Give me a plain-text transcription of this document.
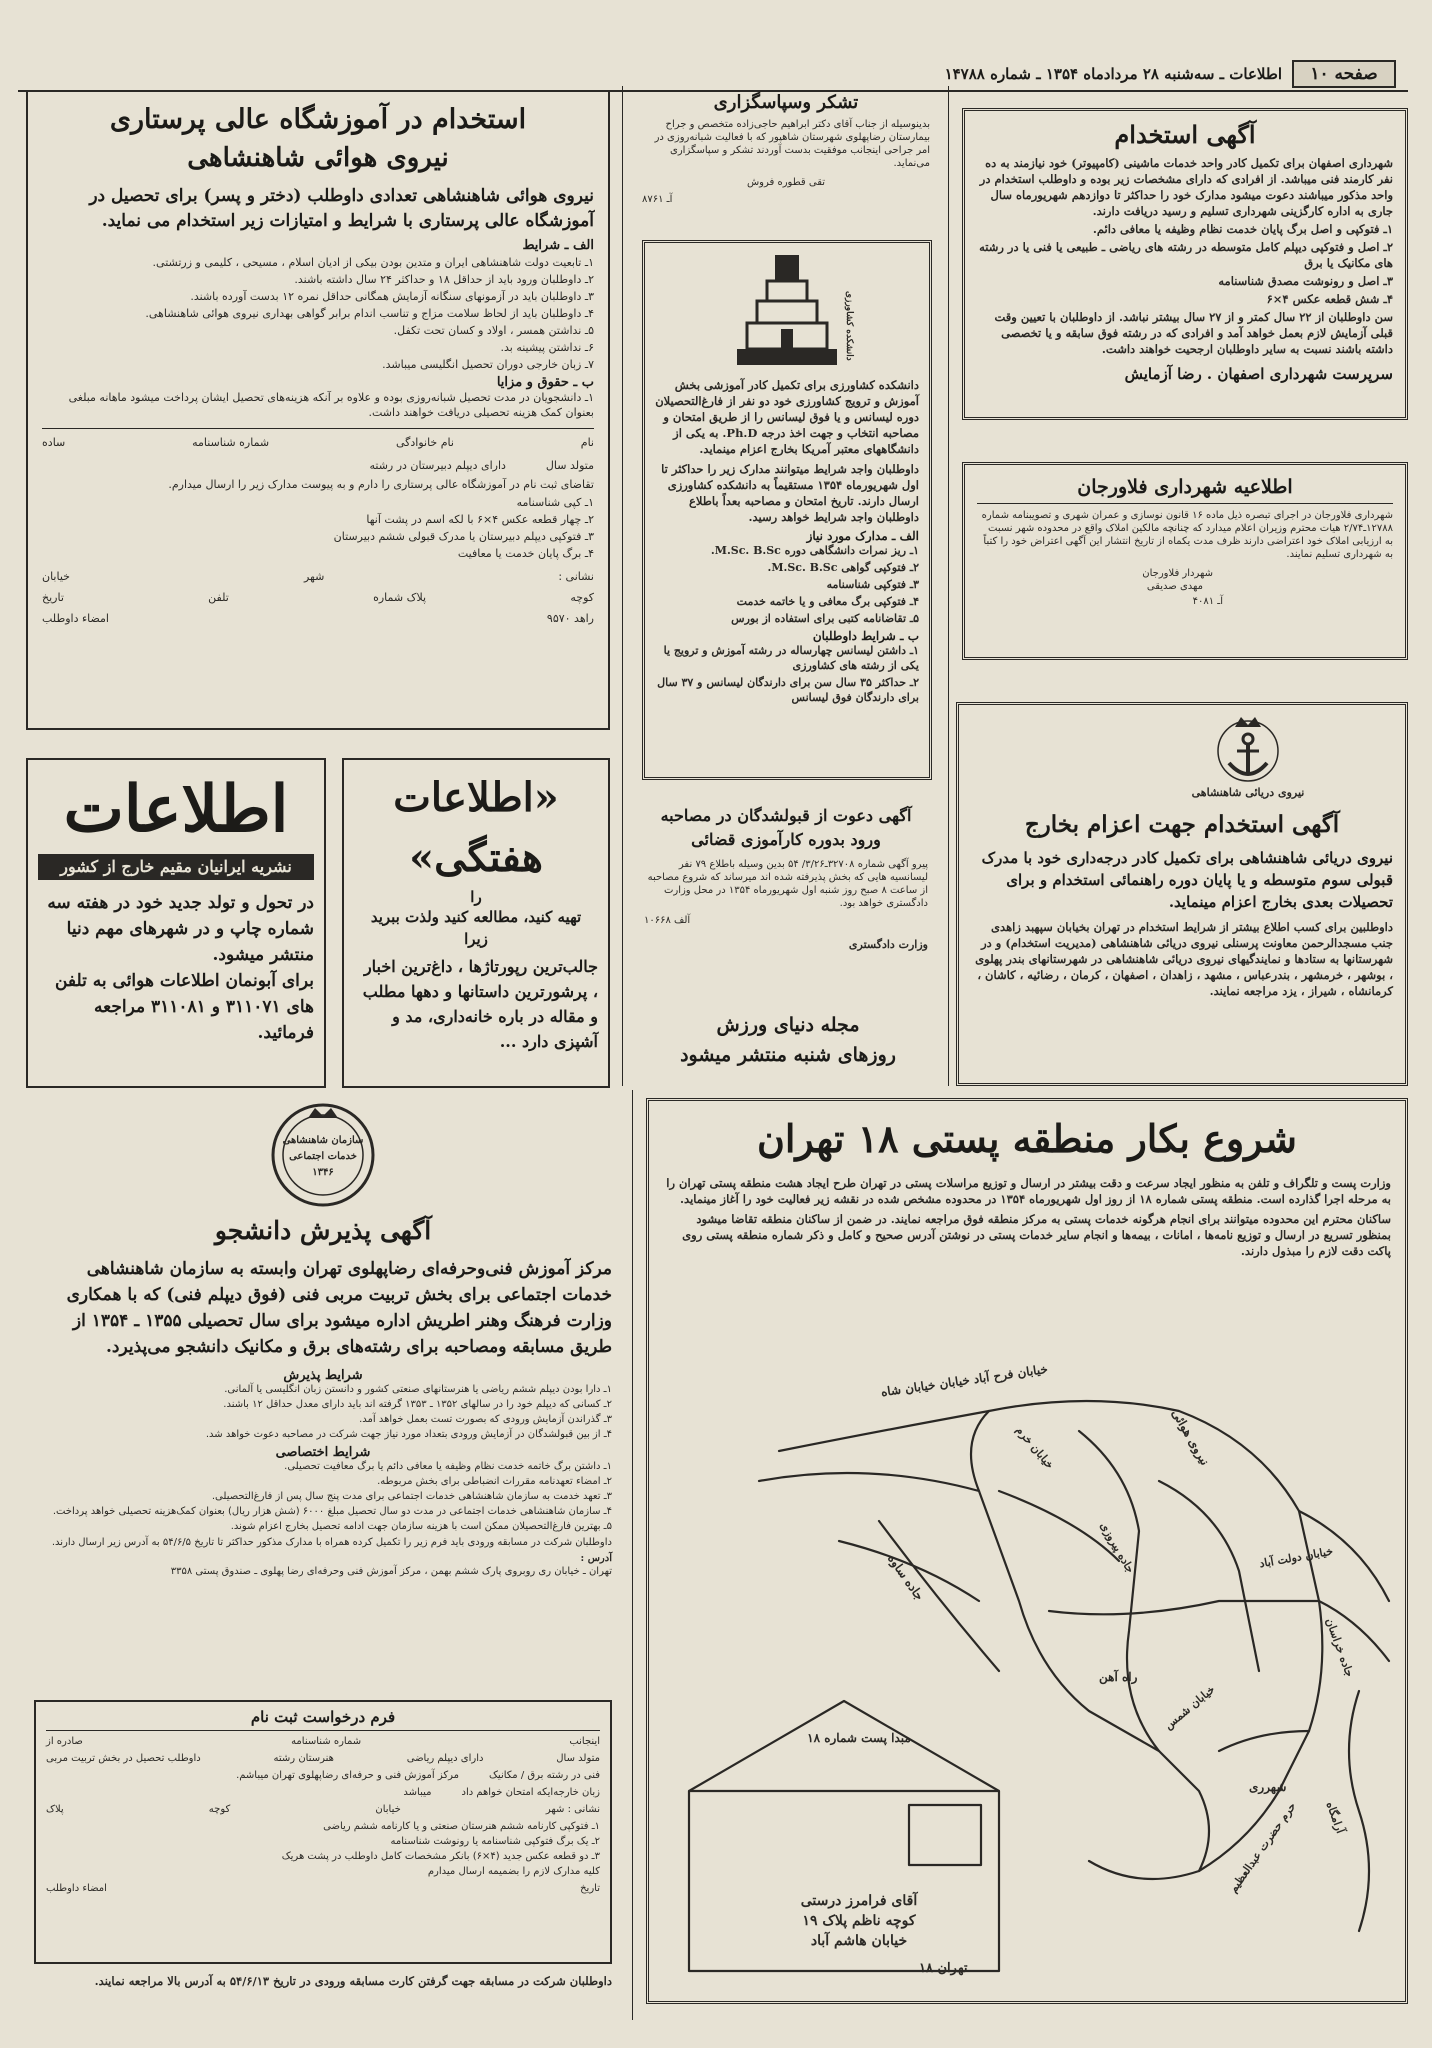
صفحه ۱۰
اطلاعات ـ سه‌شنبه ۲۸ مردادماه ۱۳۵۴ ـ شماره ۱۴۷۸۸
استخدام در آموزشگاه عالی پرستاری
نیروی هوائی شاهنشاهی
نیروی هوائی شاهنشاهی تعدادی داوطلب (دختر و پسر) برای تحصیل در آموزشگاه عالی پرستاری با شرایط و امتیازات زیر استخدام می نماید.
الف ـ شرایط
۱ـ تابعیت دولت شاهنشاهی ایران و متدین بودن بیکی از ادیان اسلام ، مسیحی ، کلیمی و زرتشتی.
۲ـ داوطلبان ورود باید از حداقل ۱۸ و حداکثر ۲۴ سال داشته باشند.
۳ـ داوطلبان باید در آزمونهای سنگانه آزمایش همگانی حداقل نمره ۱۲ بدست آورده باشند.
۴ـ داوطلبان باید از لحاظ سلامت مزاج و تناسب اندام برابر گواهی بهداری نیروی هوائی شاهنشاهی.
۵ـ نداشتن همسر ، اولاد و کسان تحت تکفل.
۶ـ نداشتن پیشینه بد.
۷ـ زبان خارجی دوران تحصیل انگلیسی میباشد.
ب ـ حقوق و مزایا
۱ـ دانشجویان در مدت تحصیل شبانه‌روزی بوده و علاوه بر آنکه هزینه‌های تحصیل ایشان پرداخت میشود ماهانه مبلغی بعنوان کمک هزینه تحصیلی دریافت خواهند داشت.
نام
نام خانوادگی
شماره شناسنامه
ساده
متولد سال
دارای دیپلم دبیرستان در رشته
تقاضای ثبت نام در آموزشگاه عالی پرستاری را دارم و به پیوست مدارک زیر را ارسال میدارم.
۱ـ کپی شناسنامه
۲ـ چهار قطعه عکس ۴×۶ با لکه اسم در پشت آنها
۳ـ فتوکپی دیپلم دبیرستان یا مدرک قبولی ششم دبیرستان
۴ـ برگ پایان خدمت یا معافیت
نشانی :
شهر
خیابان
کوچه
پلاک شماره
تلفن
تاریخ
راهد ۹۵۷۰
امضاء داوطلب
تشکر وسپاسگزاری
بدینوسیله از جناب آقای دکتر ابراهیم حاجی‌زاده متخصص و جراح بیمارستان رضاپهلوی شهرستان شاهپور که با فعالیت شبانه‌روزی در امر جراحی اینجانب موفقیت بدست آوردند تشکر و سپاسگزاری می‌نماید.
تقی قطوره فروش
آـ ۸۷۶۱
دانشکده کشاورزی
دانشکده کشاورزی برای تکمیل کادر آموزشی بخش آموزش و ترویج کشاورزی خود دو نفر از فارغ‌التحصیلان دوره لیسانس و یا فوق لیسانس را از طریق امتحان و مصاحبه انتخاب و جهت اخذ درجه Ph.D. به یکی از دانشگاههای معتبر آمریکا بخارج اعزام مینماید.
داوطلبان واجد شرایط میتوانند مدارک زیر را حداکثر تا اول شهریورماه ۱۳۵۴ مستقیماً به دانشکده کشاورزی ارسال دارند. تاریخ امتحان و مصاحبه بعداً باطلاع داوطلبان واجد شرایط خواهد رسید.
الف ـ مدارک مورد نیاز
۱ـ ریز نمرات دانشگاهی دوره M.Sc. B.Sc.
۲ـ فتوکپی گواهی M.Sc. B.Sc.
۳ـ فتوکپی شناسنامه
۴ـ فتوکپی برگ معافی و یا خاتمه خدمت
۵ـ تقاضانامه کتبی برای استفاده از بورس
ب ـ شرایط داوطلبان
۱ـ داشتن لیسانس چهارساله در رشته آموزش و ترویج یا یکی از رشته های کشاورزی
۲ـ حداکثر ۳۵ سال سن برای دارندگان لیسانس و ۳۷ سال برای دارندگان فوق لیسانس
آگهی دعوت از قبولشدگان در مصاحبه ورود بدوره کارآموزی قضائی
پیرو آگهی شماره ۳۲۷۰۸ـ۳/۲۶/ ۵۴ بدین وسیله باطلاع ۷۹ نفر لیسانسیه هایی که بخش پذیرفته شده اند میرساند که شروع مصاحبه از ساعت ۸ صبح روز شنبه اول شهریورماه ۱۳۵۴ در محل وزارت دادگستری خواهد بود.
آلف ۱۰۶۶۸
وزارت دادگستری
مجله دنیای ورزش
روزهای شنبه منتشر میشود
آگهی استخدام
شهرداری اصفهان برای تکمیل کادر واحد خدمات ماشینی (کامپیوتر) خود نیازمند به ده نفر کارمند فنی میباشد. از افرادی که دارای مشخصات زیر بوده و داوطلب استخدام در واحد مذکور میباشند دعوت میشود مدارک خود را حداکثر تا دوازدهم شهریورماه سال جاری به اداره کارگزینی شهرداری تسلیم و رسید دریافت دارند.
۱ـ فتوکپی و اصل برگ پایان خدمت نظام وظیفه یا معافی دائم.
۲ـ اصل و فتوکپی دیپلم کامل متوسطه در رشته های ریاضی ـ طبیعی یا فنی یا در رشته های مکانیک یا برق
۳ـ اصل و رونوشت مصدق شناسنامه
۴ـ شش قطعه عکس ۴×۶
سن داوطلبان از ۲۲ سال کمتر و از ۲۷ سال بیشتر نباشد. از داوطلبان با تعیین وقت قبلی آزمایش لازم بعمل خواهد آمد و افرادی که در رشته فوق سابقه و یا تخصصی داشته باشند نسبت به سایر داوطلبان ارجحیت خواهند داشت.
سرپرست شهرداری اصفهان . رضا آزمایش
اطلاعیه شهرداری فلاورجان
شهرداری فلاورجان در اجرای تبصره ذیل ماده ۱۶ قانون نوسازی و عمران شهری و تصویبنامه شماره ۱۲۷۸۸ـ۲/۷۴ هیات محترم وزیران اعلام میدارد که چنانچه مالکین املاک واقع در محدوده شهر نسبت به ارزیابی املاک خود اعتراضی دارند ظرف مدت یکماه از تاریخ انتشار این آگهی اعتراض خود را کتباً به شهرداری تسلیم نمایند.
شهردار فلاورجان
مهدی صدیقی
آـ ۴۰۸۱
نیروی دریائی شاهنشاهی
آگهی استخدام جهت اعزام بخارج
نیروی دریائی شاهنشاهی برای تکمیل کادر درجه‌داری خود با مدرک قبولی سوم متوسطه و یا پایان دوره راهنمائی استخدام و برای تحصیلات بعدی بخارج اعزام مینماید.
داوطلبین برای کسب اطلاع بیشتر از شرایط استخدام در تهران بخیابان سپهبد زاهدی جنب مسجدالرحمن معاونت پرسنلی نیروی دریائی شاهنشاهی (مدیریت استخدام) و در شهرستانها به ستادها و نمایندگیهای نیروی دریائی شاهنشاهی در شهرستانهای بندر پهلوی ، بوشهر ، خرمشهر ، بندرعباس ، مشهد ، زاهدان ، اصفهان ، کرمان ، رضائیه ، کاشان ، کرمانشاه ، شیراز ، یزد مراجعه نمایند.
اطلاعات
نشریه ایرانیان مقیم خارج از کشور
در تحول و تولد جدید خود در هفته سه شماره چاپ و در شهرهای مهم دنیا منتشر میشود.
برای آبونمان اطلاعات هوائی به تلفن های ۳۱۱۰۷۱ و ۳۱۱۰۸۱ مراجعه فرمائید.
«اطلاعات هفتگی»
را
تهیه کنید، مطالعه کنید ولذت ببرید
زیرا
جالب‌ترین رپورتاژها ، داغ‌ترین اخبار ، پرشورترین داستانها و دهها مطلب و مقاله در باره خانه‌داری، مد و آشپزی دارد ...
سازمان شاهنشاهی
خدمات اجتماعی
۱۳۴۶
آگهی پذیرش دانشجو
مرکز آموزش فنی‌وحرفه‌ای رضاپهلوی تهران وابسته به سازمان شاهنشاهی خدمات اجتماعی برای بخش تربیت مربی فنی (فوق دیپلم فنی) که با همکاری وزارت فرهنگ وهنر اطریش اداره میشود برای سال تحصیلی ۱۳۵۵ ـ ۱۳۵۴ از طریق مسابقه ومصاحبه برای رشته‌های برق و مکانیک دانشجو می‌پذیرد.
شرایط پذیرش
۱ـ دارا بودن دیپلم ششم ریاضی یا هنرستانهای صنعتی کشور و دانستن زبان انگلیسی یا آلمانی.
۲ـ کسانی که دیپلم خود را در سالهای ۱۳۵۲ ـ ۱۳۵۳ گرفته اند باید دارای معدل حداقل ۱۲ باشند.
۳ـ گذراندن آزمایش ورودی که بصورت تست بعمل خواهد آمد.
۴ـ از بین قبولشدگان در آزمایش ورودی بتعداد مورد نیاز جهت شرکت در مصاحبه دعوت خواهد شد.
شرایط اختصاصی
۱ـ داشتن برگ خاتمه خدمت نظام وظیفه یا معافی دائم یا برگ معافیت تحصیلی.
۲ـ امضاء تعهدنامه مقررات انضباطی برای بخش مربوطه.
۳ـ تعهد خدمت به سازمان شاهنشاهی خدمات اجتماعی برای مدت پنج سال پس از فارغ‌التحصیلی.
۴ـ سازمان شاهنشاهی خدمات اجتماعی در مدت دو سال تحصیل مبلغ ۶۰۰۰ (شش هزار ریال) بعنوان کمک‌هزینه تحصیلی خواهد پرداخت.
۵ـ بهترین فارغ‌التحصیلان ممکن است با هزینه سازمان جهت ادامه تحصیل بخارج اعزام شوند.
داوطلبان شرکت در مسابقه ورودی باید فرم زیر را تکمیل کرده همراه با مدارک مذکور حداکثر تا تاریخ ۵۴/۶/۵ به آدرس زیر ارسال دارند.
آدرس :
تهران ـ خیابان ری روبروی پارک ششم بهمن ، مرکز آموزش فنی وحرفه‌ای رضا پهلوی ـ صندوق پستی ۳۳۵۸
فرم درخواست ثبت نام
اینجانب
شماره شناسنامه
صادره از
متولد سال
دارای دیپلم ریاضی
هنرستان رشته
داوطلب تحصیل در بخش تربیت مربی
فنی در رشته برق / مکانیک
مرکز آموزش فنی و حرفه‌ای رضاپهلوی تهران میباشم.
زبان خارجه‌ایکه امتحان خواهم داد
میباشد
نشانی : شهر
خیابان
کوچه
پلاک
۱ـ فتوکپی کارنامه ششم هنرستان صنعتی و یا کارنامه ششم ریاضی
۲ـ یک برگ فتوکپی شناسنامه یا رونوشت شناسنامه
۳ـ دو قطعه عکس جدید (۴×۶) بانکر مشخصات کامل داوطلب در پشت هریک
کلیه مدارک لازم را بضمیمه ارسال میدارم
تاریخ
امضاء داوطلب
داوطلبان شرکت در مسابقه جهت گرفتن کارت مسابقه ورودی در تاریخ ۵۴/۶/۱۳ به آدرس بالا مراجعه نمایند.
شروع بکار منطقه پستی ۱۸ تهران
وزارت پست و تلگراف و تلفن به منظور ایجاد سرعت و دقت بیشتر در ارسال و توزیع مراسلات پستی در تهران طرح ایجاد هشت منطقه پستی تهران را به مرحله اجرا گذارده است. منطقه پستی شماره ۱۸ از روز اول شهریورماه ۱۳۵۴ در محدوده مشخص شده در نقشه زیر فعالیت خود را آغاز مینماید.
ساکنان محترم این محدوده میتوانند برای انجام هرگونه خدمات پستی به مرکز منطقه فوق مراجعه نمایند. در ضمن از ساکنان منطقه تقاضا میشود بمنظور تسریع در ارسال و توزیع نامه‌ها ، امانات ، بیمه‌ها و انجام سایر خدمات پستی در نوشتن آدرس صحیح و کامل و ذکر شماره منطقه پستی روی پاکت دقت لازم را مبذول دارند.
مبدا پست شماره ۱۸
آقای فرامرز درستی
کوچه ناظم پلاک ۱۹
خیابان هاشم آباد
تهران ۱۸
خیابان فرح آباد خیابان خیابان شاه
نیروی هوائی
جاده ساوه
خیابان خرم
خیابان دولت آباد
جاده خراسان
جاده پیروزی
شهرری
راه آهن
خیابان شمس
حرم حضرت عبدالعظیم آرامگاه
